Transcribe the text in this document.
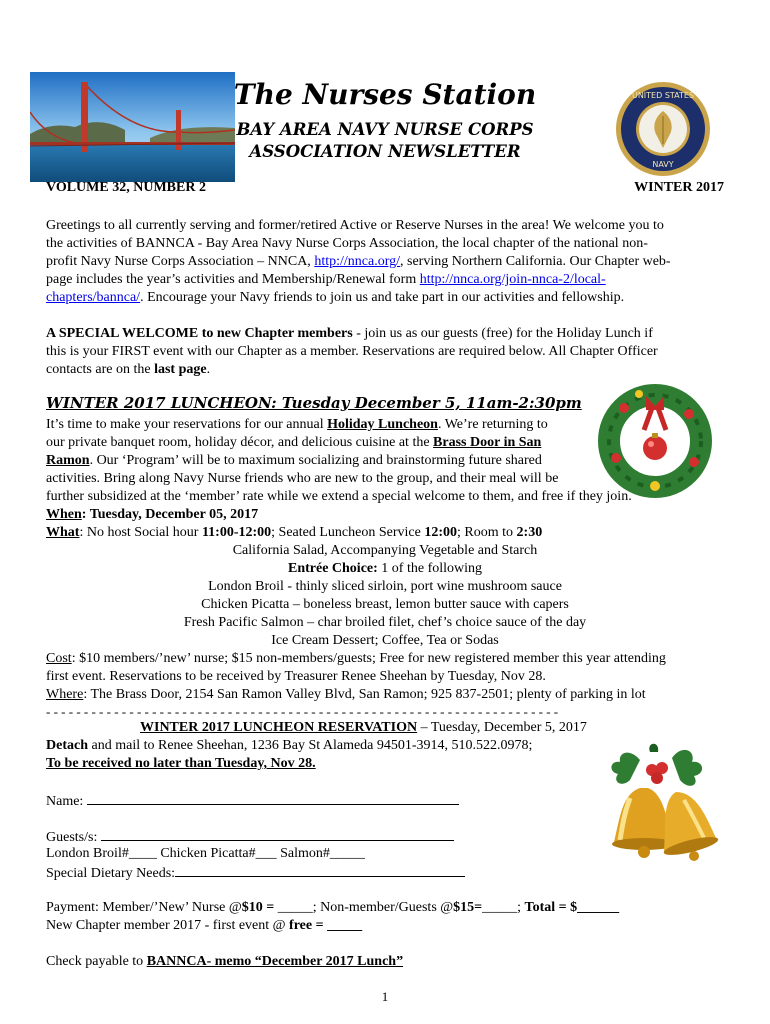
UNITED STATES
NAVY
The Nurses Station
BAY AREA NAVY NURSE CORPS
ASSOCIATION NEWSLETTER
VOLUME 32, NUMBER 2	WINTER 2017
Greetings to all currently serving and former/retired Active or Reserve Nurses in the area! We welcome you to
the activities of BANNCA - Bay Area Navy Nurse Corps Association, the local chapter of the national non-
profit Navy Nurse Corps Association – NNCA, http://nnca.org/, serving Northern California. Our Chapter web-
page includes the year’s activities and Membership/Renewal form http://nnca.org/join-nnca-2/local-
chapters/bannca/. Encourage your Navy friends to join us and take part in our activities and fellowship.
A SPECIAL WELCOME to new Chapter members - join us as our guests (free) for the Holiday Lunch if
this is your FIRST event with our Chapter as a member. Reservations are required below. All Chapter Officer
contacts are on the last page.
WINTER 2017 LUNCHEON: Tuesday December 5, 11am-2:30pm
It’s time to make your reservations for our annual Holiday Luncheon. We’re returning to
our private banquet room, holiday décor, and delicious cuisine at the Brass Door in San
Ramon. Our ‘Program’ will be to maximum socializing and brainstorming future shared
activities. Bring along Navy Nurse friends who are new to the group, and their meal will be
further subsidized at the ‘member’ rate while we extend a special welcome to them, and free if they join.
When: Tuesday, December 05, 2017
What: No host Social hour 11:00-12:00; Seated Luncheon Service 12:00; Room to 2:30
California Salad, Accompanying Vegetable and Starch
Entrée Choice: 1 of the following
London Broil - thinly sliced sirloin, port wine mushroom sauce
Chicken Picatta – boneless breast, lemon butter sauce with capers
Fresh Pacific Salmon – char broiled filet, chef’s choice sauce of the day
Ice Cream Dessert; Coffee, Tea or Sodas
Cost: $10 members/’new’ nurse; $15 non-members/guests; Free for new registered member this year attending
first event. Reservations to be received by Treasurer Renee Sheehan by Tuesday, Nov 28.
Where: The Brass Door, 2154 San Ramon Valley Blvd, San Ramon; 925 837-2501; plenty of parking in lot
- - - - - - - - - - - - - - - - - - - - - - - - - - - - - - - - - - - - - - - - - - - - - - - - - - - - - - - - - - - - - - - - - - - -
WINTER 2017 LUNCHEON RESERVATION – Tuesday, December 5, 2017
Detach and mail to Renee Sheehan, 1236 Bay St Alameda 94501-3914, 510.522.0978;
To be received no later than Tuesday, Nov 28.
Name:
Guests/s:
London Broil#____ Chicken Picatta#___ Salmon#_____
Special Dietary Needs:
Payment: Member/’New’ Nurse @$10 = _____; Non-member/Guests @$15=_____; Total = $______
New Chapter member 2017 - first event @ free = _____
Check payable to BANNCA- memo “December 2017 Lunch”
1
